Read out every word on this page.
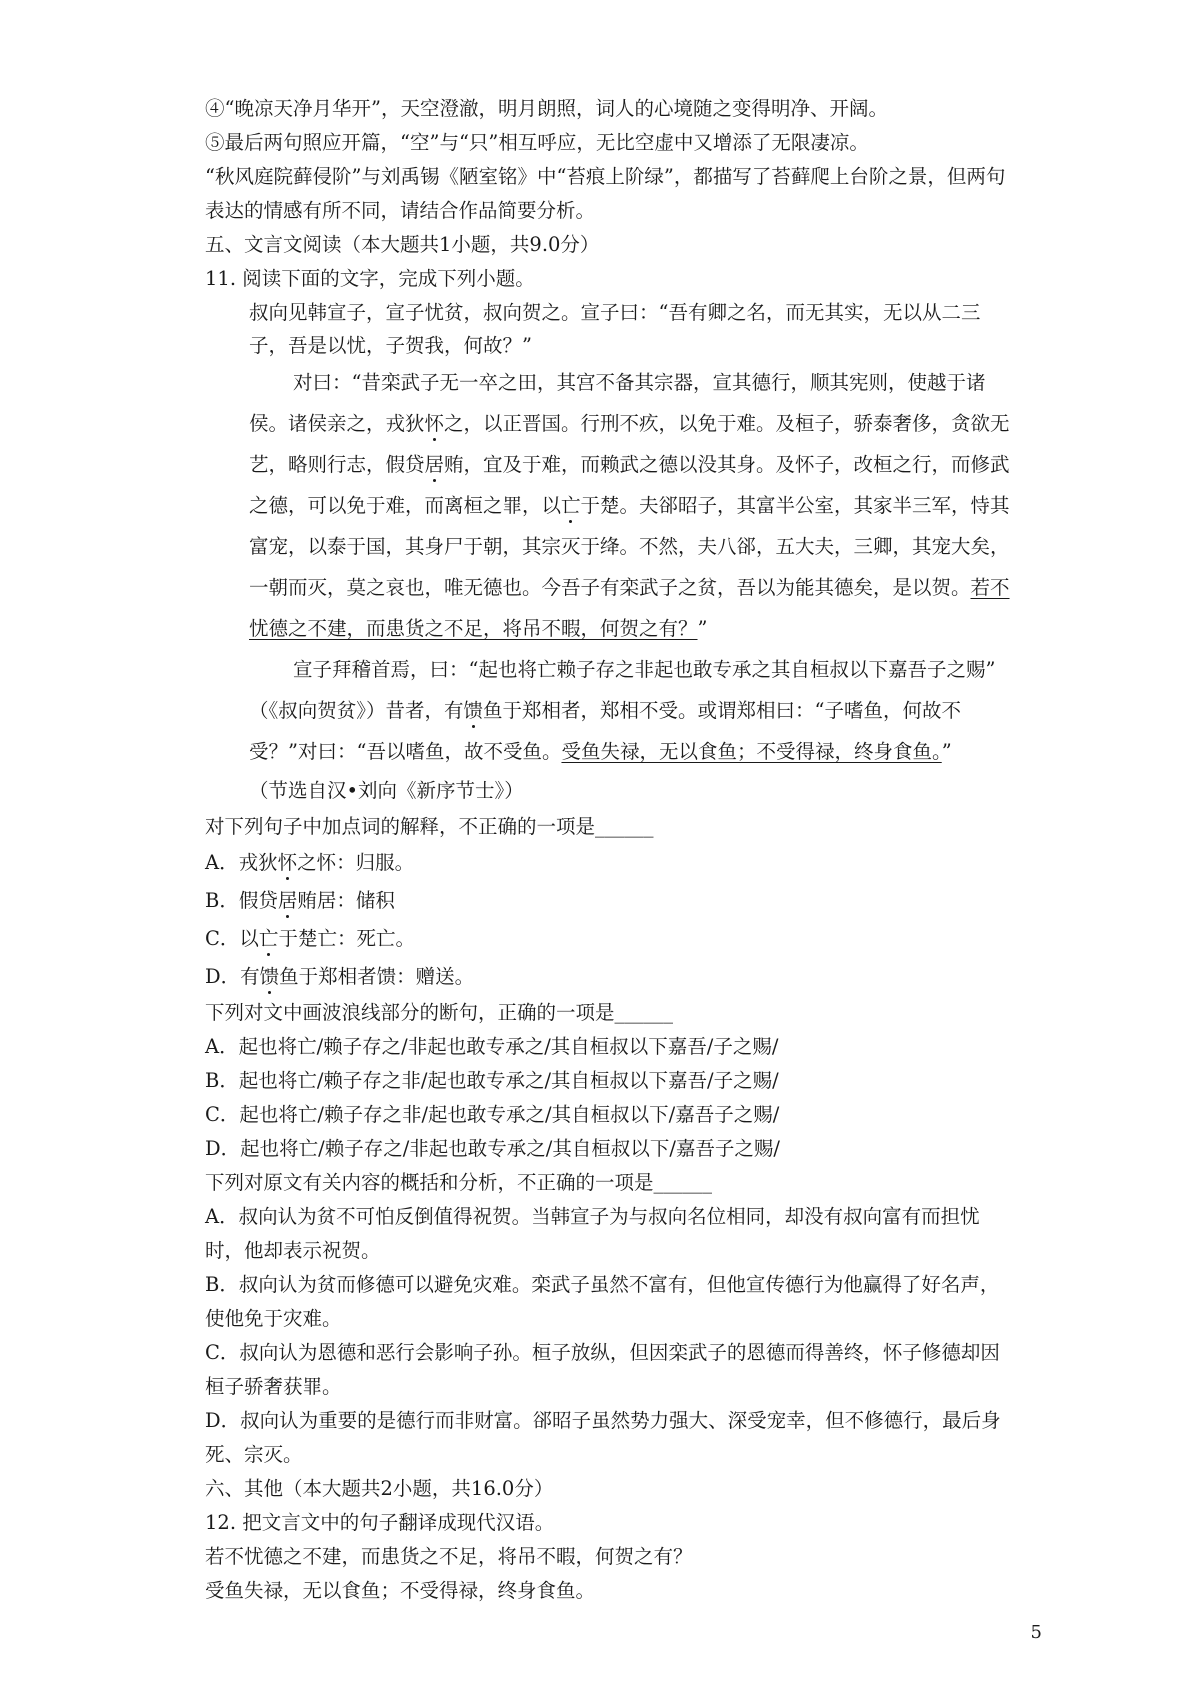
④“晚凉天净月华开”，天空澄澈，明月朗照，词人的心境随之变得明净、开阔。
⑤最后两句照应开篇，“空”与“只”相互呼应，无比空虚中又增添了无限凄凉。
“秋风庭院藓侵阶”与刘禹锡《陋室铭》中“苔痕上阶绿”，都描写了苔藓爬上台阶之景，但两句表达的情感有所不同，请结合作品简要分析。
五、文言文阅读（本大题共1小题，共9.0分）
11. 阅读下面的文字，完成下列小题。

叔向见韩宣子，宣子忧贫，叔向贺之。宣子曰：“吾有卿之名，而无其实，无以从二三子，吾是以忧，子贺我，何故？”

对曰：“昔栾武子无一卒之田，其宫不备其宗器，宣其德行，顺其宪则，使越于诸侯。诸侯亲之，戎狄怀之，以正晋国。行刑不疚，以免于难。及桓子，骄泰奢侈，贪欲无艺，略则行志，假贷居贿，宜及于难，而赖武之德以没其身。及怀子，改桓之行，而修武之德，可以免于难，而离桓之罪，以亡于楚。夫郤昭子，其富半公室，其家半三军，恃其富宠，以泰于国，其身尸于朝，其宗灭于绛。不然，夫八郤，五大夫，三卿，其宠大矣，一朝而灭，莫之哀也，唯无德也。今吾子有栾武子之贫，吾以为能其德矣，是以贺。若不忧德之不建，而患货之不足，将吊不暇，何贺之有？”

宣子拜稽首焉，曰：“起也将亡赖子存之非起也敢专承之其自桓叔以下嘉吾子之赐”

（《叔向贺贫》）昔者，有馈鱼于郑相者，郑相不受。或谓郑相曰：“子嗜鱼，何故不受？”对曰：“吾以嗜鱼，故不受鱼。受鱼失禄，无以食鱼；不受得禄，终身食鱼。”

（节选自汉•刘向《新序节士》）
对下列句子中加点词的解释，不正确的一项是______
A．戎狄怀之怀：归服。
B．假贷居贿居：储积
C．以亡于楚亡：死亡。
D．有馈鱼于郑相者馈：赠送。
下列对文中画波浪线部分的断句，正确的一项是______
A．起也将亡/赖子存之/非起也敢专承之/其自桓叔以下嘉吾/子之赐/
B．起也将亡/赖子存之非/起也敢专承之/其自桓叔以下嘉吾/子之赐/
C．起也将亡/赖子存之非/起也敢专承之/其自桓叔以下/嘉吾子之赐/
D．起也将亡/赖子存之/非起也敢专承之/其自桓叔以下/嘉吾子之赐/
下列对原文有关内容的概括和分析，不正确的一项是______
A．叔向认为贫不可怕反倒值得祝贺。当韩宣子为与叔向名位相同，却没有叔向富有而担忧时，他却表示祝贺。
B．叔向认为贫而修德可以避免灾难。栾武子虽然不富有，但他宣传德行为他赢得了好名声，使他免于灾难。
C．叔向认为恩德和恶行会影响子孙。桓子放纵，但因栾武子的恩德而得善终，怀子修德却因桓子骄奢获罪。
D．叔向认为重要的是德行而非财富。郤昭子虽然势力强大、深受宠幸，但不修德行，最后身死、宗灭。
六、其他（本大题共2小题，共16.0分）
12. 把文言文中的句子翻译成现代汉语。
若不忧德之不建，而患货之不足，将吊不暇，何贺之有？
受鱼失禄，无以食鱼；不受得禄，终身食鱼。
5
